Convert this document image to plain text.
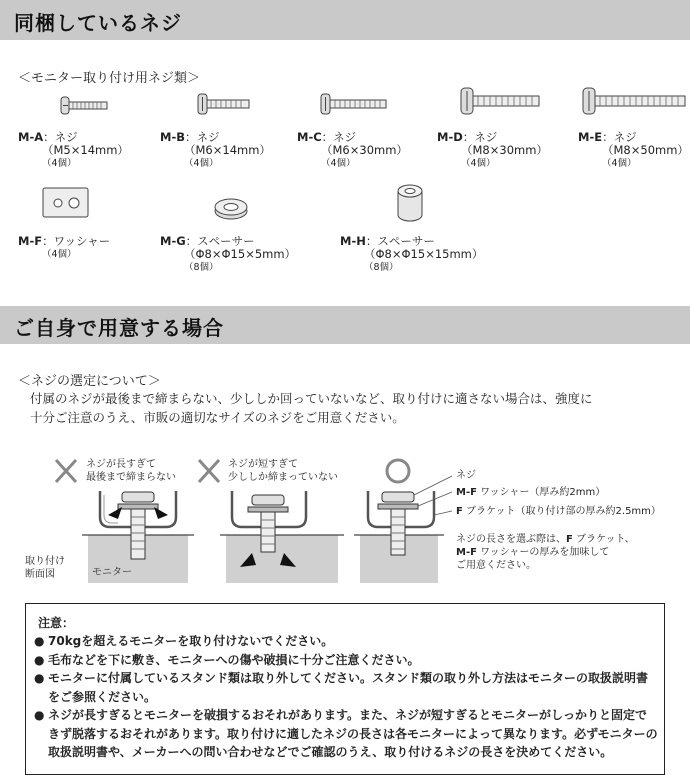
同梱しているネジ
＜モニター取り付け用ネジ類＞
M-A：ネジ
（M5×14mm）
（4個）
M-B：ネジ
（M6×14mm）
（4個）
M-C：ネジ
（M6×30mm）
（4個）
M-D：ネジ
（M8×30mm）
（4個）
M-E：ネジ
（M8×50mm）
（4個）
M-F：ワッシャー
（4個）
M-G：スペーサー
（Φ8×Φ15×5mm）
（8個）
M-H：スペーサー
（Φ8×Φ15×15mm）
（8個）
ご自身で用意する場合
＜ネジの選定について＞
付属のネジが最後まで締まらない、少ししか回っていないなど、取り付けに適さない場合は、強度に
十分ご注意のうえ、市販の適切なサイズのネジをご用意ください。
ネジが長すぎて
最後まで締まらない
ネジが短すぎて
少ししか締まっていない
取り付け
断面図	モニター
ネジ
M-F ワッシャー（厚み約2mm）
F ブラケット（取り付け部の厚み約2.5mm）
ネジの長さを選ぶ際は、F ブラケット、
M-F ワッシャーの厚みを加味して
ご用意ください。
注意：
● 70kgを超えるモニターを取り付けないでください。
● 毛布などを下に敷き、モニターへの傷や破損に十分ご注意ください。
● モニターに付属しているスタンド類は取り外してください。スタンド類の取り外し方法はモニターの取扱説明書をご参照ください。
● ネジが長すぎるとモニターを破損するおそれがあります。また、ネジが短すぎるとモニターがしっかりと固定できず脱落するおそれがあります。取り付けに適したネジの長さは各モニターによって異なります。必ずモニターの取扱説明書や、メーカーへの問い合わせなどでご確認のうえ、取り付けるネジの長さを決めてください。
